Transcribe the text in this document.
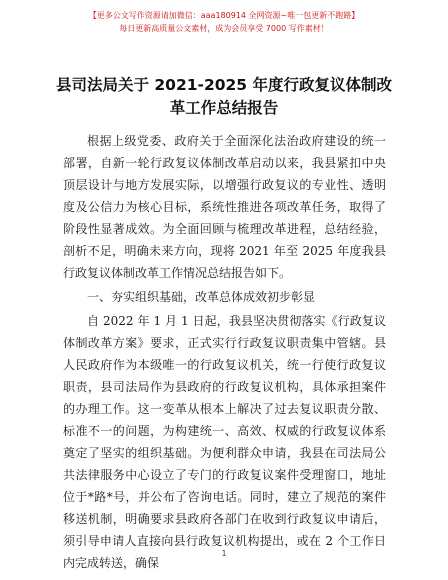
【更多公文写作资源请加微信：aaa180914 全网资源~唯一包更新不跑路】
每日更新高质量公文素材，成为会员享受 7000 写作素材！
县司法局关于 2021-2025 年度行政复议体制改
革工作总结报告

根据上级党委、政府关于全面深化法治政府建设的统一部署，自新一轮行政复议体制改革启动以来，我县紧扣中央顶层设计与地方发展实际，以增强行政复议的专业性、透明度及公信力为核心目标，系统性推进各项改革任务，取得了阶段性显著成效。为全面回顾与梳理改革进程，总结经验，剖析不足，明确未来方向，现将 2021 年至 2025 年度我县行政复议体制改革工作情况总结报告如下。

一、夯实组织基础，改革总体成效初步彰显

自 2022 年 1 月 1 日起，我县坚决贯彻落实《行政复议体制改革方案》要求，正式实行行政复议职责集中管辖。县人民政府作为本级唯一的行政复议机关，统一行使行政复议职责，县司法局作为县政府的行政复议机构，具体承担案件的办理工作。这一变革从根本上解决了过去复议职责分散、标准不一的问题，为构建统一、高效、权威的行政复议体系奠定了坚实的组织基础。为便利群众申请，我县在司法局公共法律服务中心设立了专门的行政复议案件受理窗口，地址位于*路*号，并公布了咨询电话。同时，建立了规范的案件移送机制，明确要求县政府各部门在收到行政复议申请后，须引导申请人直接向县行政复议机构提出，或在 2 个工作日内完成转送，确保

1
